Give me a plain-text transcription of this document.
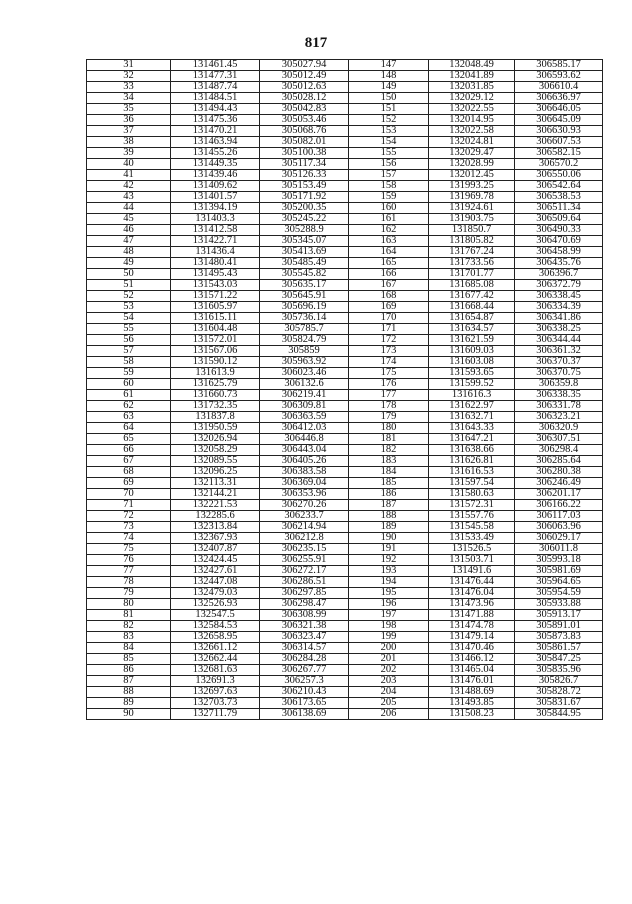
817
31	131461.45	305027.94	147	132048.49	306585.17
32	131477.31	305012.49	148	132041.89	306593.62
33	131487.74	305012.63	149	132031.85	306610.4
34	131484.51	305028.12	150	132029.12	306636.97
35	131494.43	305042.83	151	132022.55	306646.05
36	131475.36	305053.46	152	132014.95	306645.09
37	131470.21	305068.76	153	132022.58	306630.93
38	131463.94	305082.01	154	132024.81	306607.53
39	131455.26	305100.38	155	132029.47	306582.15
40	131449.35	305117.34	156	132028.99	306570.2
41	131439.46	305126.33	157	132012.45	306550.06
42	131409.62	305153.49	158	131993.25	306542.64
43	131401.57	305171.92	159	131969.78	306538.53
44	131394.19	305200.35	160	131924.61	306511.34
45	131403.3	305245.22	161	131903.75	306509.64
46	131412.58	305288.9	162	131850.7	306490.33
47	131422.71	305345.07	163	131805.82	306470.69
48	131436.4	305413.69	164	131767.24	306458.99
49	131480.41	305485.49	165	131733.56	306435.76
50	131495.43	305545.82	166	131701.77	306396.7
51	131543.03	305635.17	167	131685.08	306372.79
52	131571.22	305645.91	168	131677.42	306338.45
53	131605.97	305696.19	169	131668.44	306334.39
54	131615.11	305736.14	170	131654.87	306341.86
55	131604.48	305785.7	171	131634.57	306338.25
56	131572.01	305824.79	172	131621.59	306344.44
57	131567.06	305859	173	131609.03	306361.32
58	131590.12	305963.92	174	131603.08	306370.37
59	131613.9	306023.46	175	131593.65	306370.75
60	131625.79	306132.6	176	131599.52	306359.8
61	131660.73	306219.41	177	131616.3	306338.35
62	131732.35	306309.81	178	131622.97	306331.78
63	131837.8	306363.59	179	131632.71	306323.21
64	131950.59	306412.03	180	131643.33	306320.9
65	132026.94	306446.8	181	131647.21	306307.51
66	132058.29	306443.04	182	131638.66	306298.4
67	132089.55	306405.26	183	131626.81	306285.64
68	132096.25	306383.58	184	131616.53	306280.38
69	132113.31	306369.04	185	131597.54	306246.49
70	132144.21	306353.96	186	131580.63	306201.17
71	132221.53	306270.26	187	131572.31	306166.22
72	132285.6	306233.7	188	131557.76	306117.03
73	132313.84	306214.94	189	131545.58	306063.96
74	132367.93	306212.8	190	131533.49	306029.17
75	132407.87	306235.15	191	131526.5	306011.8
76	132424.45	306255.91	192	131503.71	305993.18
77	132427.61	306272.17	193	131491.6	305981.69
78	132447.08	306286.51	194	131476.44	305964.65
79	132479.03	306297.85	195	131476.04	305954.59
80	132526.93	306298.47	196	131473.96	305933.88
81	132547.5	306308.99	197	131471.88	305913.17
82	132584.53	306321.38	198	131474.78	305891.01
83	132658.95	306323.47	199	131479.14	305873.83
84	132661.12	306314.57	200	131470.46	305861.57
85	132662.44	306284.28	201	131466.12	305847.25
86	132681.63	306267.77	202	131465.04	305835.96
87	132691.3	306257.3	203	131476.01	305826.7
88	132697.63	306210.43	204	131488.69	305828.72
89	132703.73	306173.65	205	131493.85	305831.67
90	132711.79	306138.69	206	131508.23	305844.95
